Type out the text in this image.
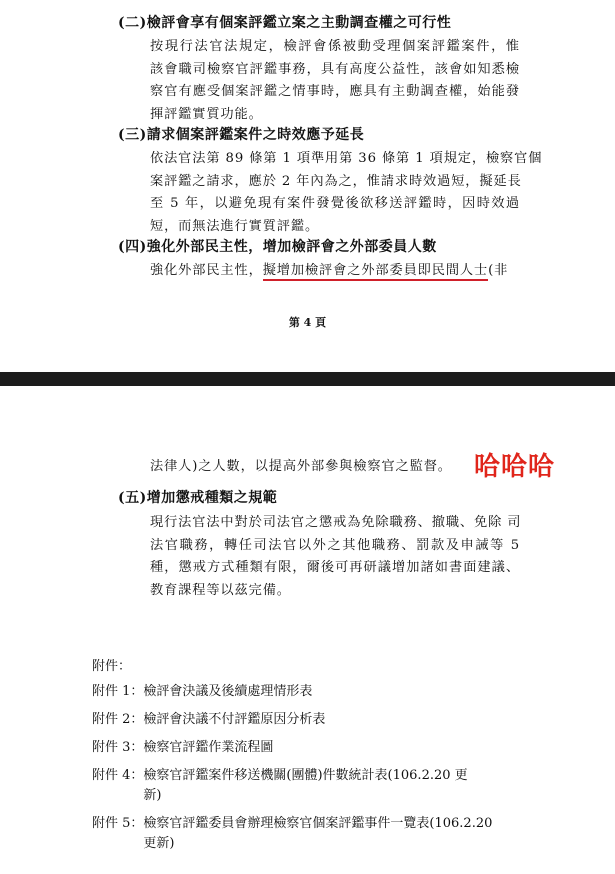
(二)檢評會享有個案評鑑立案之主動調查權之可行性
按現行法官法規定，檢評會係被動受理個案評鑑案件，惟
該會職司檢察官評鑑事務，具有高度公益性，該會如知悉檢
察官有應受個案評鑑之情事時，應具有主動調查權，始能發
揮評鑑實質功能。
(三)請求個案評鑑案件之時效應予延長
依法官法第 89 條第 1 項準用第 36 條第 1 項規定，檢察官個
案評鑑之請求，應於 2 年內為之，惟請求時效過短，擬延長
至 5 年，以避免現有案件發覺後欲移送評鑑時，因時效過
短，而無法進行實質評鑑。
(四)強化外部民主性，增加檢評會之外部委員人數
強化外部民主性，擬增加檢評會之外部委員即民間人士(非
第 4 頁
法律人)之人數，以提高外部參與檢察官之監督。 哈哈哈
(五)增加懲戒種類之規範
現行法官法中對於司法官之懲戒為免除職務、撤職、免除 司
法官職務，轉任司法官以外之其他職務、罰款及申誡等 5
種，懲戒方式種類有限，爾後可再研議增加諸如書面建議、
教育課程等以茲完備。
附件：
附件 1：檢評會決議及後續處理情形表
附件 2：檢評會決議不付評鑑原因分析表
附件 3：檢察官評鑑作業流程圖
附件 4：檢察官評鑑案件移送機關(團體)件數統計表(106.2.20 更
新)
附件 5：檢察官評鑑委員會辦理檢察官個案評鑑事件一覽表(106.2.20
更新)
